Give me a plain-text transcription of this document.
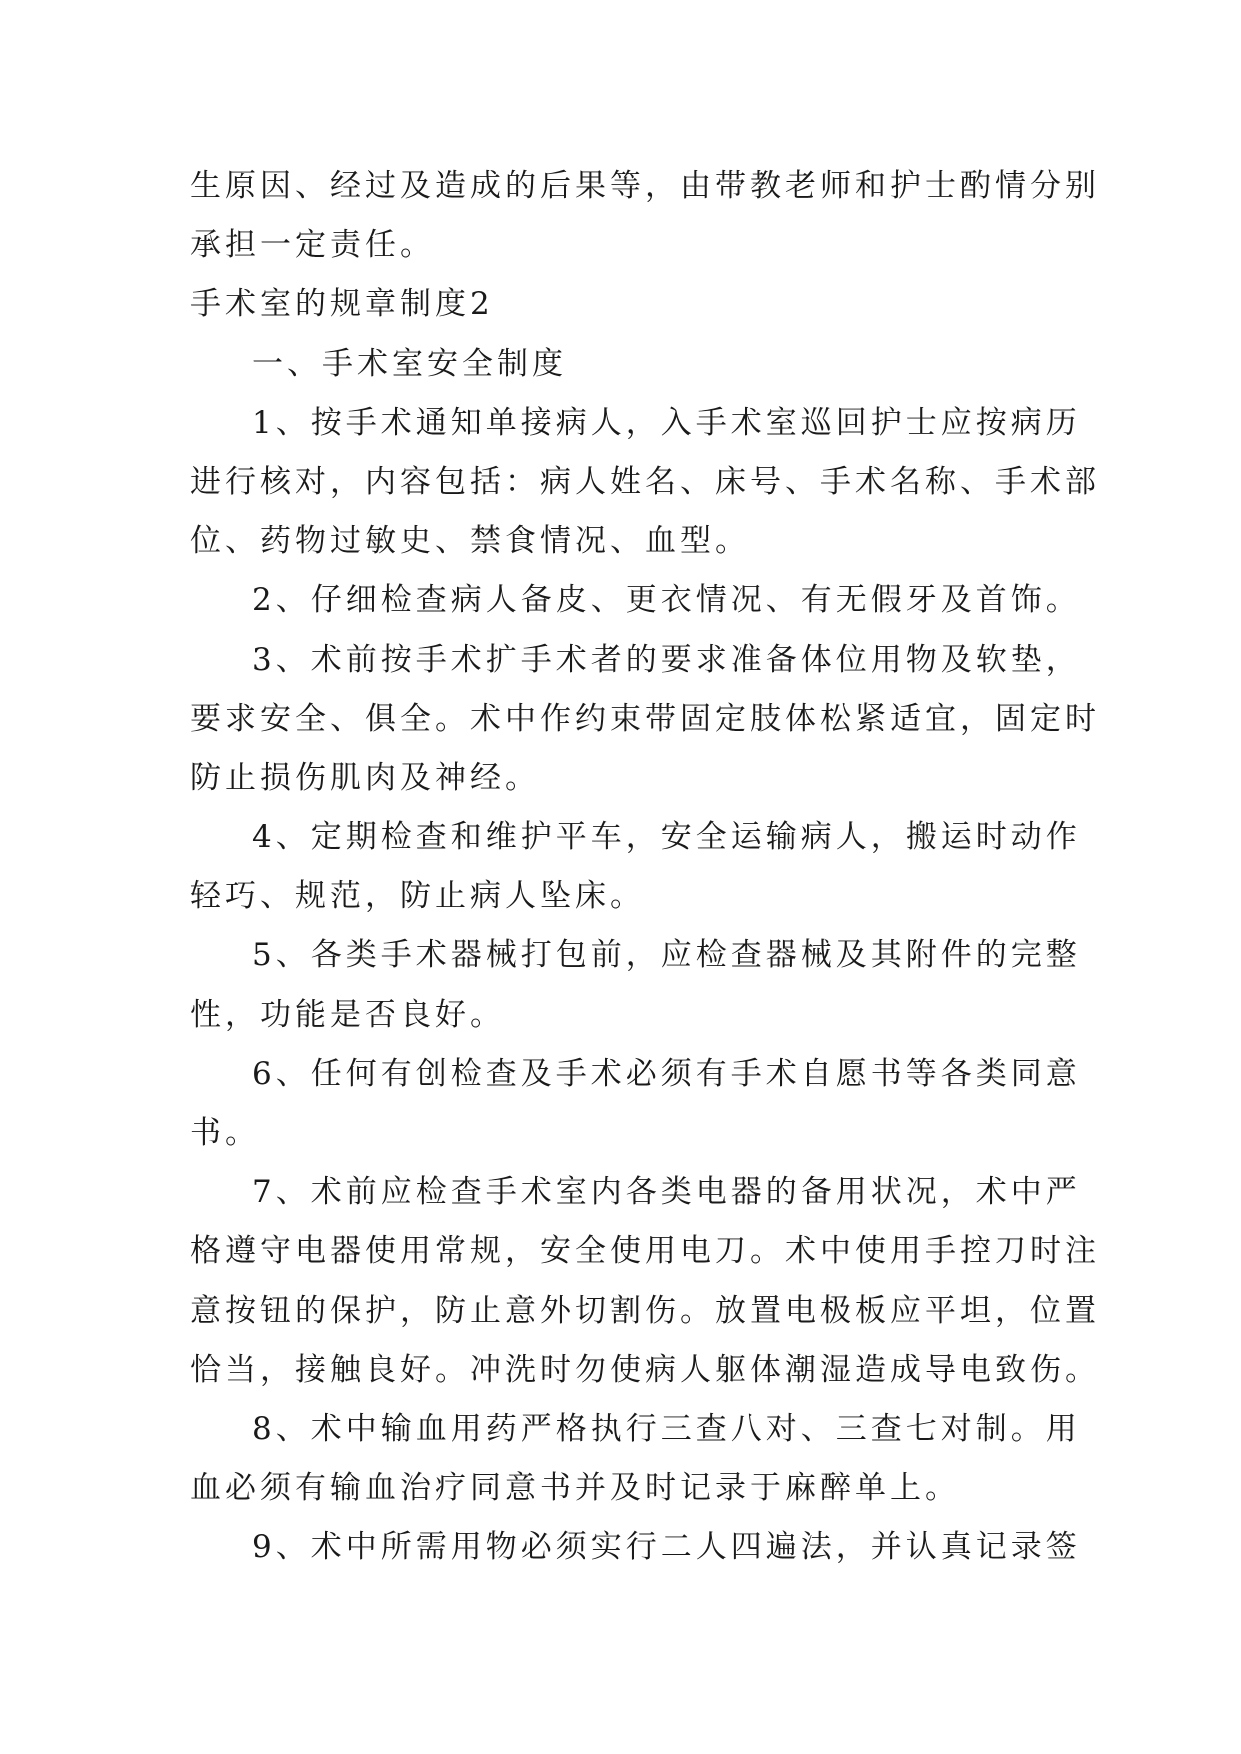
生原因、经过及造成的后果等，由带教老师和护士酌情分别
承担一定责任。
手术室的规章制度2
一、手术室安全制度
1、按手术通知单接病人，入手术室巡回护士应按病历
进行核对，内容包括：病人姓名、床号、手术名称、手术部
位、药物过敏史、禁食情况、血型。
2、仔细检查病人备皮、更衣情况、有无假牙及首饰。
3、术前按手术扩手术者的要求准备体位用物及软垫，
要求安全、俱全。术中作约束带固定肢体松紧适宜，固定时
防止损伤肌肉及神经。
4、定期检查和维护平车，安全运输病人，搬运时动作
轻巧、规范，防止病人坠床。
5、各类手术器械打包前，应检查器械及其附件的完整
性，功能是否良好。
6、任何有创检查及手术必须有手术自愿书等各类同意
书。
7、术前应检查手术室内各类电器的备用状况，术中严
格遵守电器使用常规，安全使用电刀。术中使用手控刀时注
意按钮的保护，防止意外切割伤。放置电极板应平坦，位置
恰当，接触良好。冲洗时勿使病人躯体潮湿造成导电致伤。
8、术中输血用药严格执行三查八对、三查七对制。用
血必须有输血治疗同意书并及时记录于麻醉单上。
9、术中所需用物必须实行二人四遍法，并认真记录签
